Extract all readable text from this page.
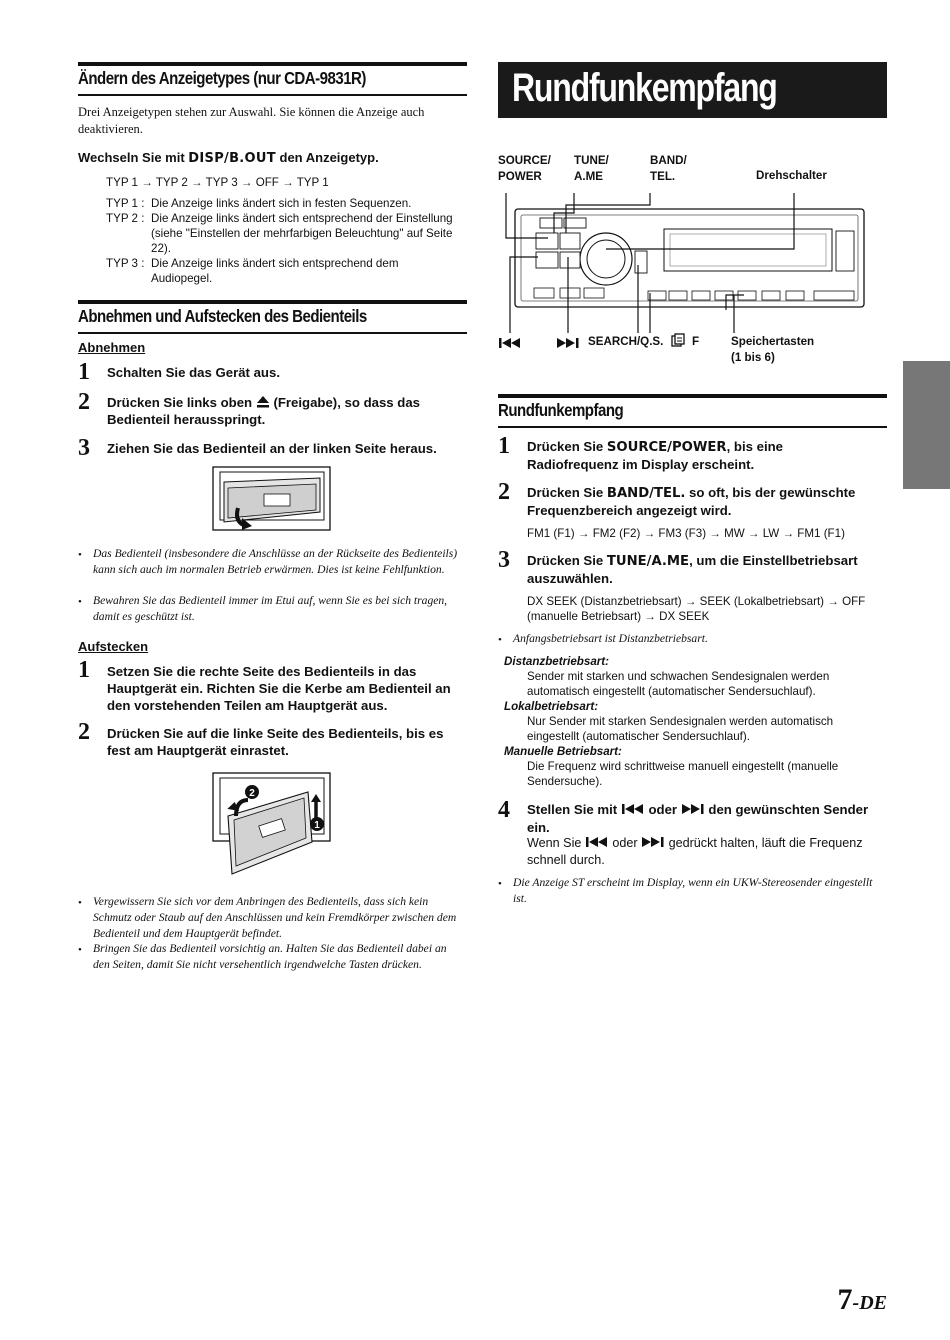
Ändern des Anzeigetypes (nur CDA-9831R)
Drei Anzeigetypen stehen zur Auswahl. Sie können die Anzeige auch deaktivieren.
Wechseln Sie mit DISP/B.OUT den Anzeigetyp.
TYP 1 → TYP 2 → TYP 3 → OFF → TYP 1
TYP 1 : Die Anzeige links ändert sich in festen Sequenzen.
TYP 2 : Die Anzeige links ändert sich entsprechend der Einstellung (siehe "Einstellen der mehrfarbigen Beleuchtung" auf Seite 22).
TYP 3 : Die Anzeige links ändert sich entsprechend dem Audiopegel.
Abnehmen und Aufstecken des Bedienteils
Abnehmen
1 Schalten Sie das Gerät aus.
2 Drücken Sie links oben  (Freigabe), so dass das Bedienteil herausspringt.
3 Ziehen Sie das Bedienteil an der linken Seite heraus.
• Das Bedienteil (insbesondere die Anschlüsse an der Rückseite des Bedienteils) kann sich auch im normalen Betrieb erwärmen. Dies ist keine Fehlfunktion.
• Bewahren Sie das Bedienteil immer im Etui auf, wenn Sie es bei sich tragen, damit es geschützt ist.
Aufstecken
1 Setzen Sie die rechte Seite des Bedienteils in das Hauptgerät ein. Richten Sie die Kerbe am Bedienteil an den vorstehenden Teilen am Hauptgerät aus.
2 Drücken Sie auf die linke Seite des Bedienteils, bis es fest am Hauptgerät einrastet.
2
1
• Vergewissern Sie sich vor dem Anbringen des Bedienteils, dass sich kein Schmutz oder Staub auf den Anschlüssen und kein Fremdkörper zwischen dem Bedienteil und dem Hauptgerät befindet.
• Bringen Sie das Bedienteil vorsichtig an. Halten Sie das Bedienteil dabei an den Seiten, damit Sie nicht versehentlich irgendwelche Tasten drücken.
Rundfunkempfang
SOURCE/
POWER
TUNE/
A.ME
BAND/
TEL.	Drehschalter
SEARCH/Q.S. F	Speichertasten
(1 bis 6)
Rundfunkempfang
1 Drücken Sie SOURCE/POWER, bis eine Radiofrequenz im Display erscheint.
2 Drücken Sie BAND/TEL. so oft, bis der gewünschte Frequenzbereich angezeigt wird.
FM1 (F1) → FM2 (F2) → FM3 (F3) → MW → LW → FM1 (F1)
3 Drücken Sie TUNE/A.ME, um die Einstellbetriebsart auszuwählen.
DX SEEK (Distanzbetriebsart) → SEEK (Lokalbetriebsart) → OFF (manuelle Betriebsart) → DX SEEK
• Anfangsbetriebsart ist Distanzbetriebsart.
Distanzbetriebsart:
Sender mit starken und schwachen Sendesignalen werden automatisch eingestellt (automatischer Sendersuchlauf).
Lokalbetriebsart:
Nur Sender mit starken Sendesignalen werden automatisch eingestellt (automatischer Sendersuchlauf).
Manuelle Betriebsart:
Die Frequenz wird schrittweise manuell eingestellt (manuelle Sendersuche).
4 Stellen Sie mit  oder  den gewünschten Sender ein.
Wenn Sie  oder  gedrückt halten, läuft die Frequenz schnell durch.
• Die Anzeige ST erscheint im Display, wenn ein UKW-Stereosender eingestellt ist.
7-DE
